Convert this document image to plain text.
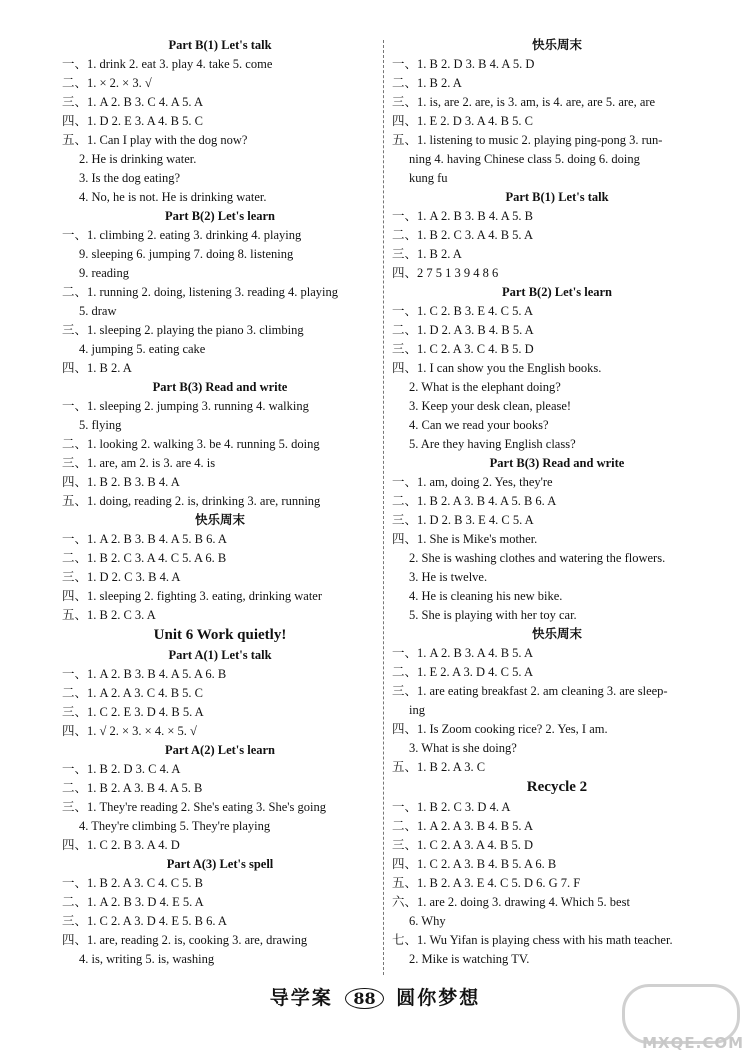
Part B(1) Let's talk
一、1. drink 2. eat 3. play 4. take 5. come
二、1. × 2. × 3. √
三、1. A 2. B 3. C 4. A 5. A
四、1. D 2. E 3. A 4. B 5. C
五、1. Can I play with the dog now?
2. He is drinking water.
3. Is the dog eating?
4. No, he is not. He is drinking water.
Part B(2) Let's learn
一、1. climbing 2. eating 3. drinking 4. playing
9. sleeping 6. jumping 7. doing 8. listening
9. reading
二、1. running 2. doing, listening 3. reading 4. playing
5. draw
三、1. sleeping 2. playing the piano 3. climbing
4. jumping 5. eating cake
四、1. B 2. A
Part B(3) Read and write
一、1. sleeping 2. jumping 3. running 4. walking
5. flying
二、1. looking 2. walking 3. be 4. running 5. doing
三、1. are, am 2. is 3. are 4. is
四、1. B 2. B 3. B 4. A
五、1. doing, reading 2. is, drinking 3. are, running
快乐周末
一、1. A 2. B 3. B 4. A 5. B 6. A
二、1. B 2. C 3. A 4. C 5. A 6. B
三、1. D 2. C 3. B 4. A
四、1. sleeping 2. fighting 3. eating, drinking water
五、1. B 2. C 3. A
Unit 6 Work quietly!
Part A(1) Let's talk
一、1. A 2. B 3. B 4. A 5. A 6. B
二、1. A 2. A 3. C 4. B 5. C
三、1. C 2. E 3. D 4. B 5. A
四、1. √ 2. × 3. × 4. × 5. √
Part A(2) Let's learn
一、1. B 2. D 3. C 4. A
二、1. B 2. A 3. B 4. A 5. B
三、1. They're reading 2. She's eating 3. She's going
4. They're climbing 5. They're playing
四、1. C 2. B 3. A 4. D
Part A(3) Let's spell
一、1. B 2. A 3. C 4. C 5. B
二、1. A 2. B 3. D 4. E 5. A
三、1. C 2. A 3. D 4. E 5. B 6. A
四、1. are, reading 2. is, cooking 3. are, drawing
4. is, writing 5. is, washing
快乐周末
一、1. B 2. D 3. B 4. A 5. D
二、1. B 2. A
三、1. is, are 2. are, is 3. am, is 4. are, are 5. are, are
四、1. E 2. D 3. A 4. B 5. C
五、1. listening to music 2. playing ping-pong 3. run-
ning 4. having Chinese class 5. doing 6. doing
kung fu
Part B(1) Let's talk
一、1. A 2. B 3. B 4. A 5. B
二、1. B 2. C 3. A 4. B 5. A
三、1. B 2. A
四、2 7 5 1 3 9 4 8 6
Part B(2) Let's learn
一、1. C 2. B 3. E 4. C 5. A
二、1. D 2. A 3. B 4. B 5. A
三、1. C 2. A 3. C 4. B 5. D
四、1. I can show you the English books.
2. What is the elephant doing?
3. Keep your desk clean, please!
4. Can we read your books?
5. Are they having English class?
Part B(3) Read and write
一、1. am, doing 2. Yes, they're
二、1. B 2. A 3. B 4. A 5. B 6. A
三、1. D 2. B 3. E 4. C 5. A
四、1. She is Mike's mother.
2. She is washing clothes and watering the flowers.
3. He is twelve.
4. He is cleaning his new bike.
5. She is playing with her toy car.
快乐周末
一、1. A 2. B 3. A 4. B 5. A
二、1. E 2. A 3. D 4. C 5. A
三、1. are eating breakfast 2. am cleaning 3. are sleep-
ing
四、1. Is Zoom cooking rice? 2. Yes, I am.
3. What is she doing?
五、1. B 2. A 3. C
Recycle 2
一、1. B 2. C 3. D 4. A
二、1. A 2. A 3. B 4. B 5. A
三、1. C 2. A 3. A 4. B 5. D
四、1. C 2. A 3. B 4. B 5. A 6. B
五、1. B 2. A 3. E 4. C 5. D 6. G 7. F
六、1. are 2. doing 3. drawing 4. Which 5. best
6. Why
七、1. Wu Yifan is playing chess with his math teacher.
2. Mike is watching TV.
导学案 88 圆你梦想
MXQE.COM
